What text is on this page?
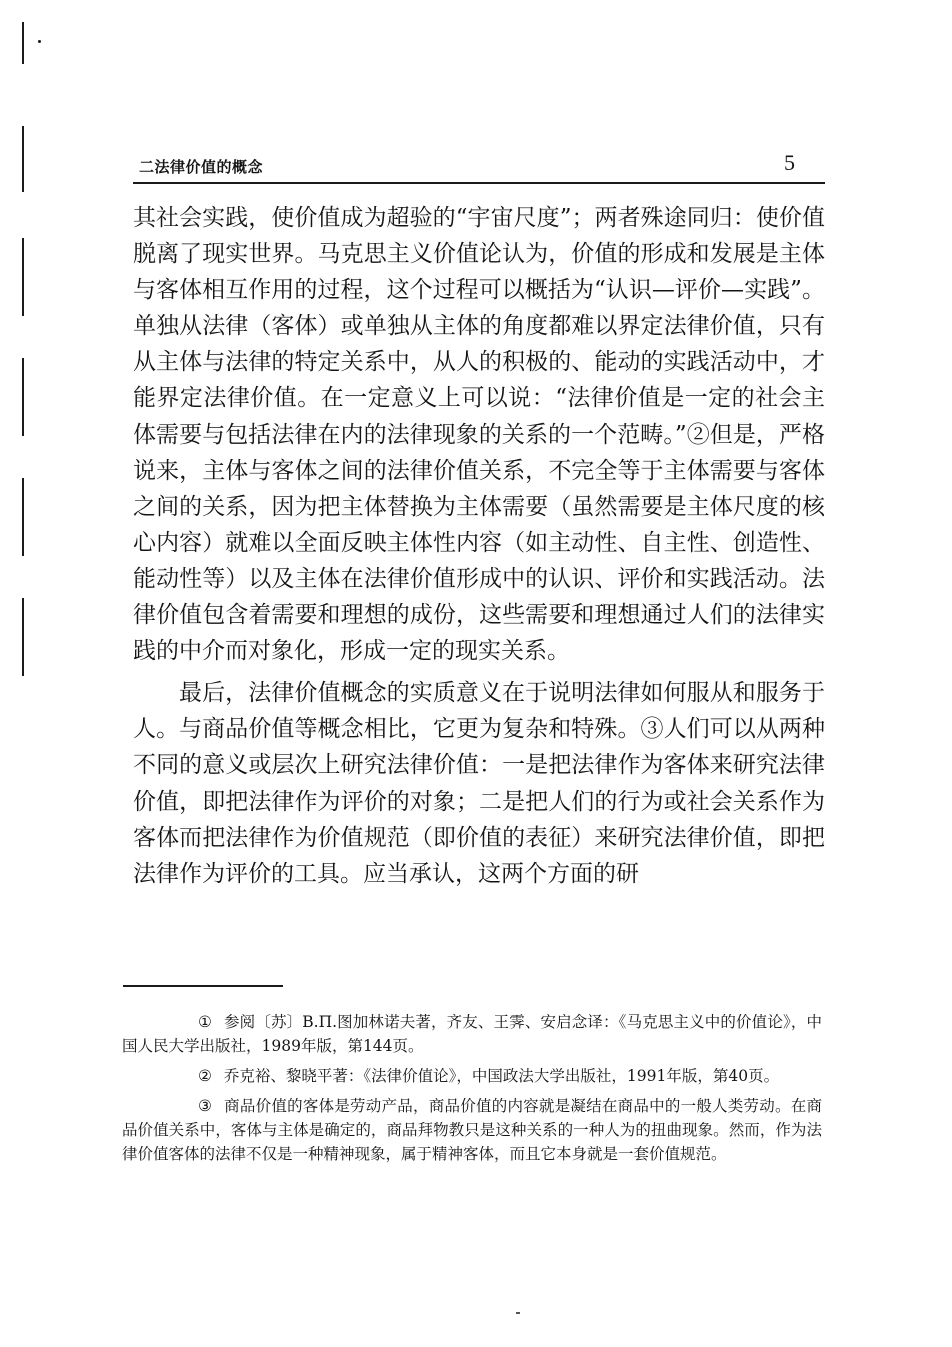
二法律价值的概念	5

其社会实践，使价值成为超验的“宇宙尺度”；两者殊途同归：使价值脱离了现实世界。马克思主义价值论认为，价值的形成和发展是主体与客体相互作用的过程，这个过程可以概括为“认识—评价—实践”。单独从法律（客体）或单独从主体的角度都难以界定法律价值，只有从主体与法律的特定关系中，从人的积极的、能动的实践活动中，才能界定法律价值。在一定意义上可以说：“法律价值是一定的社会主体需要与包括法律在内的法律现象的关系的一个范畴。”②但是，严格说来，主体与客体之间的法律价值关系，不完全等于主体需要与客体之间的关系，因为把主体替换为主体需要（虽然需要是主体尺度的核心内容）就难以全面反映主体性内容（如主动性、自主性、创造性、能动性等）以及主体在法律价值形成中的认识、评价和实践活动。法律价值包含着需要和理想的成份，这些需要和理想通过人们的法律实践的中介而对象化，形成一定的现实关系。

最后，法律价值概念的实质意义在于说明法律如何服从和服务于人。与商品价值等概念相比，它更为复杂和特殊。③人们可以从两种不同的意义或层次上研究法律价值：一是把法律作为客体来研究法律价值，即把法律作为评价的对象；二是把人们的行为或社会关系作为客体而把法律作为价值规范（即价值的表征）来研究法律价值，即把法律作为评价的工具。应当承认，这两个方面的研

① 参阅〔苏〕B.П.图加林诺夫著，齐友、王霁、安启念译：《马克思主义中的价值论》，中国人民大学出版社，1989年版，第144页。

② 乔克裕、黎晓平著：《法律价值论》，中国政法大学出版社，1991年版，第40页。

③ 商品价值的客体是劳动产品，商品价值的内容就是凝结在商品中的一般人类劳动。在商品价值关系中，客体与主体是确定的，商品拜物教只是这种关系的一种人为的扭曲现象。然而，作为法律价值客体的法律不仅是一种精神现象，属于精神客体，而且它本身就是一套价值规范。
